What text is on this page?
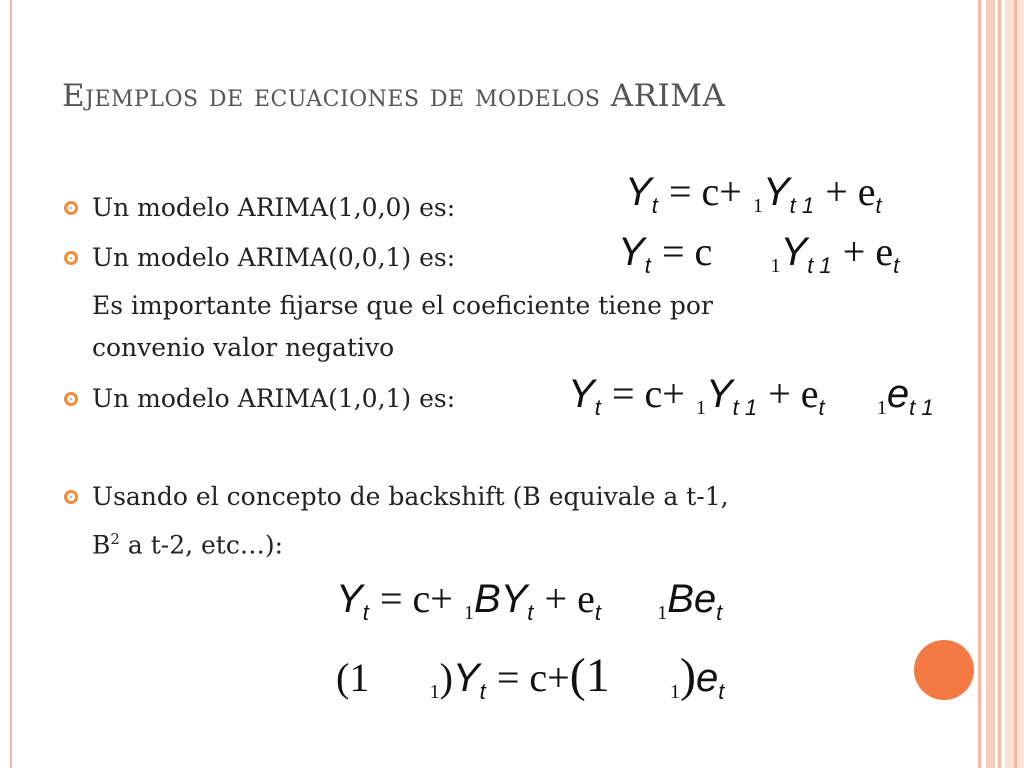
Ejemplos de ecuaciones de modelos ARIMA
Un modelo ARIMA(1,0,0) es:
Un modelo ARIMA(0,0,1) es:
Es importante fijarse que el coeficiente tiene por
convenio valor negativo
Un modelo ARIMA(1,0,1) es:
Usando el concepto de backshift (B equivale a t-1,
$B^2$ a t-2, etc…):
Yt = c+ 1Yt 1 + et
Yt = c	1Yt 1 + et
Yt = c+ 1Yt 1 + et	1et 1
Yt = c+ 1BYt + et	1Bet
(1	1)Yt = c+(1	1)et
